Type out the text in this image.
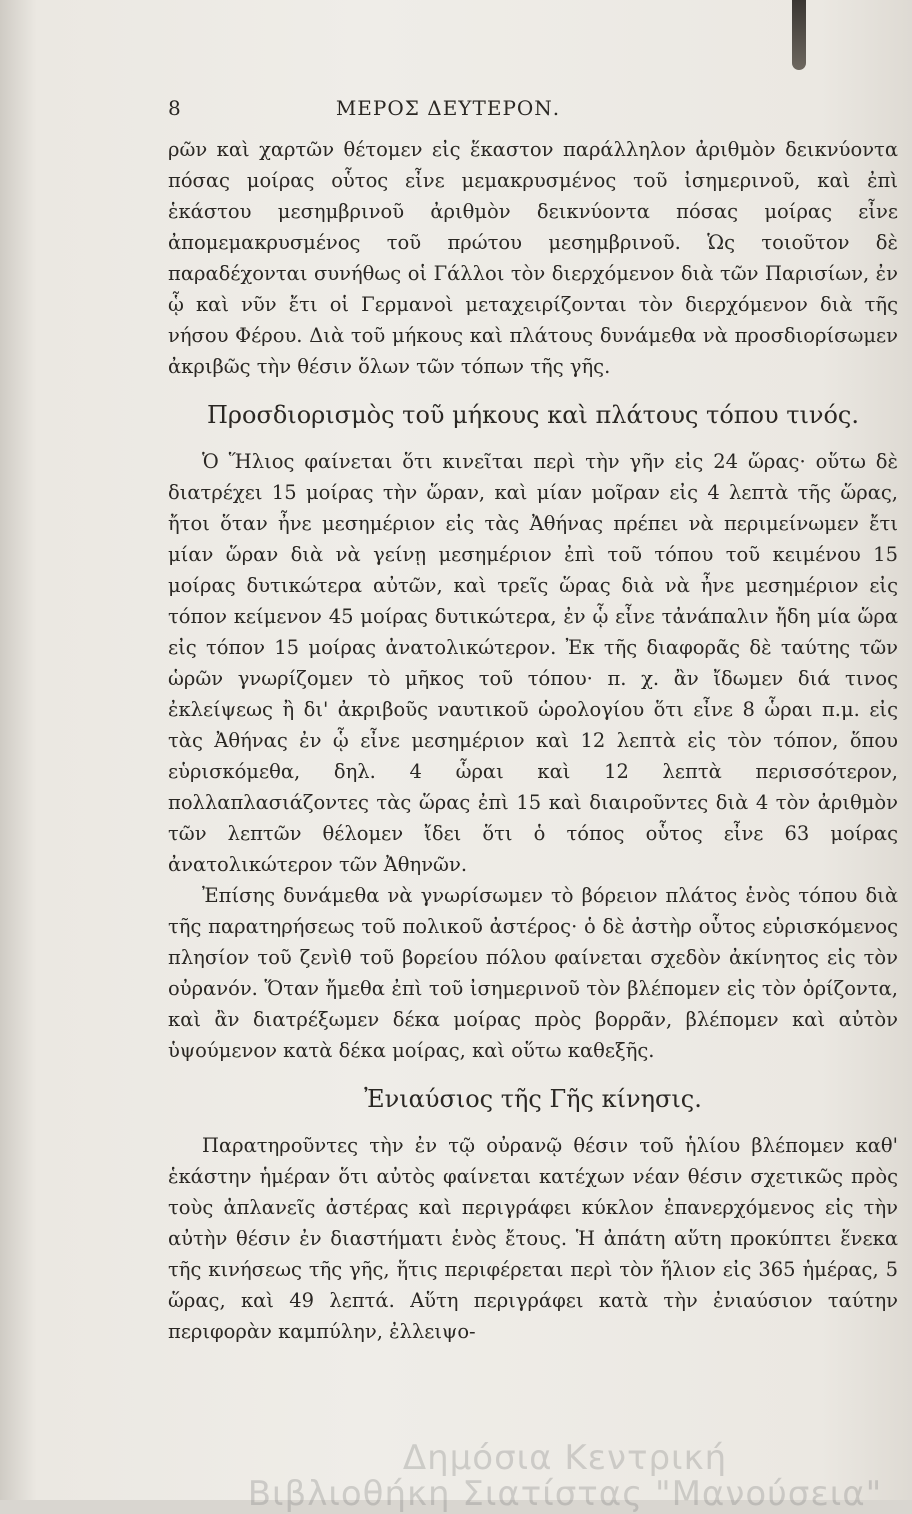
8	ΜΕΡΟΣ ΔΕΥΤΕΡΟΝ.

ρῶν καὶ χαρτῶν θέτομεν εἰς ἕκαστον παράλληλον ἀριθμὸν δεικνύοντα πόσας μοίρας οὗτος εἶνε μεμακρυσμένος τοῦ ἰσημερινοῦ, καὶ ἐπὶ ἑκάστου μεσημβρινοῦ ἀριθμὸν δεικνύοντα πόσας μοίρας εἶνε ἀπομεμακρυσμένος τοῦ πρώτου μεσημβρινοῦ. Ὡς τοιοῦτον δὲ παραδέχονται συνήθως οἱ Γάλλοι τὸν διερχόμενον διὰ τῶν Παρισίων, ἐν ᾧ καὶ νῦν ἔτι οἱ Γερμανοὶ μεταχειρίζονται τὸν διερχόμενον διὰ τῆς νήσου Φέρου. Διὰ τοῦ μήκους καὶ πλάτους δυνάμεθα νὰ προσδιορίσωμεν ἀκριβῶς τὴν θέσιν ὅλων τῶν τόπων τῆς γῆς.

Προσδιορισμὸς τοῦ μήκους καὶ πλάτους τόπου τινός.

Ὁ Ἥλιος φαίνεται ὅτι κινεῖται περὶ τὴν γῆν εἰς 24 ὥρας· οὕτω δὲ διατρέχει 15 μοίρας τὴν ὥραν, καὶ μίαν μοῖραν εἰς 4 λεπτὰ τῆς ὥρας, ἤτοι ὅταν ἦνε μεσημέριον εἰς τὰς Ἀθήνας πρέπει νὰ περιμείνωμεν ἔτι μίαν ὥραν διὰ νὰ γείνῃ μεσημέριον ἐπὶ τοῦ τόπου τοῦ κειμένου 15 μοίρας δυτικώτερα αὐτῶν, καὶ τρεῖς ὥρας διὰ νὰ ἦνε μεσημέριον εἰς τόπον κείμενον 45 μοίρας δυτικώτερα, ἐν ᾧ εἶνε τἀνάπαλιν ἤδη μία ὥρα εἰς τόπον 15 μοίρας ἀνατολικώτερον. Ἐκ τῆς διαφορᾶς δὲ ταύτης τῶν ὡρῶν γνωρίζομεν τὸ μῆκος τοῦ τόπου· π. χ. ἂν ἴδωμεν διά τινος ἐκλείψεως ἢ δι' ἀκριβοῦς ναυτικοῦ ὡρολογίου ὅτι εἶνε 8 ὧραι π.μ. εἰς τὰς Ἀθήνας ἐν ᾧ εἶνε μεσημέριον καὶ 12 λεπτὰ εἰς τὸν τόπον, ὅπου εὑρισκόμεθα, δηλ. 4 ὧραι καὶ 12 λεπτὰ περισσότερον, πολλαπλασιάζοντες τὰς ὥρας ἐπὶ 15 καὶ διαιροῦντες διὰ 4 τὸν ἀριθμὸν τῶν λεπτῶν θέλομεν ἴδει ὅτι ὁ τόπος οὗτος εἶνε 63 μοίρας ἀνατολικώτερον τῶν Ἀθηνῶν.

Ἐπίσης δυνάμεθα νὰ γνωρίσωμεν τὸ βόρειον πλάτος ἑνὸς τόπου διὰ τῆς παρατηρήσεως τοῦ πολικοῦ ἀστέρος· ὁ δὲ ἀστὴρ οὗτος εὑρισκόμενος πλησίον τοῦ ζενὶθ τοῦ βορείου πόλου φαίνεται σχεδὸν ἀκίνητος εἰς τὸν οὐρανόν. Ὅταν ἤμεθα ἐπὶ τοῦ ἰσημερινοῦ τὸν βλέπομεν εἰς τὸν ὁρίζοντα, καὶ ἂν διατρέξωμεν δέκα μοίρας πρὸς βορρᾶν, βλέπομεν καὶ αὐτὸν ὑψούμενον κατὰ δέκα μοίρας, καὶ οὕτω καθεξῆς.

Ἐνιαύσιος τῆς Γῆς κίνησις.

Παρατηροῦντες τὴν ἐν τῷ οὐρανῷ θέσιν τοῦ ἡλίου βλέπομεν καθ' ἑκάστην ἡμέραν ὅτι αὐτὸς φαίνεται κατέχων νέαν θέσιν σχετικῶς πρὸς τοὺς ἀπλανεῖς ἀστέρας καὶ περιγράφει κύκλον ἐπανερχόμενος εἰς τὴν αὐτὴν θέσιν ἐν διαστήματι ἑνὸς ἔτους. Ἡ ἀπάτη αὕτη προκύπτει ἕνεκα τῆς κινήσεως τῆς γῆς, ἥτις περιφέρεται περὶ τὸν ἥλιον εἰς 365 ἡμέρας, 5 ὥρας, καὶ 49 λεπτά. Αὕτη περιγράφει κατὰ τὴν ἐνιαύσιον ταύτην περιφορὰν καμπύλην, ἐλλειψο-

Δημόσια Κεντρική
Βιβλιοθήκη Σιατίστας "Μανούσεια"
